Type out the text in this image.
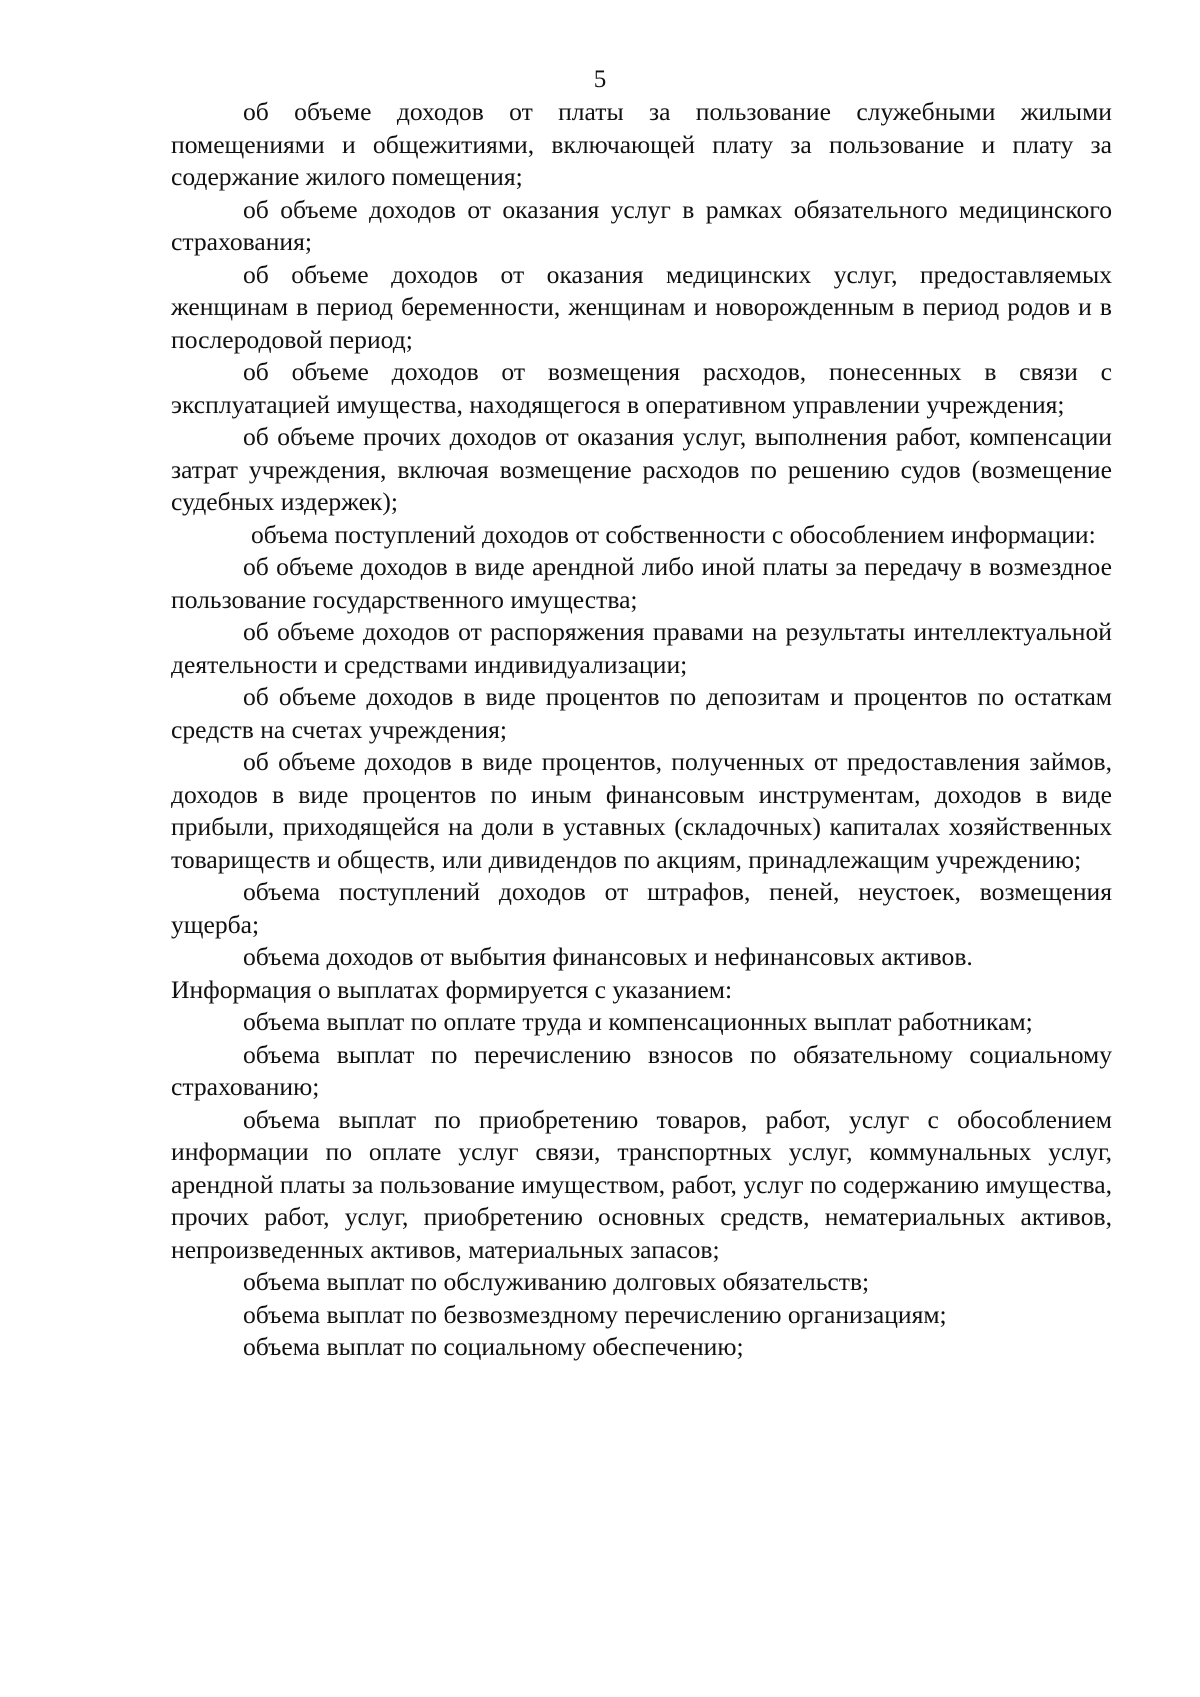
5

об объеме доходов от платы за пользование служебными жилыми помещениями и общежитиями, включающей плату за пользование и плату за содержание жилого помещения;

об объеме доходов от оказания услуг в рамках обязательного медицинского страхования;

об объеме доходов от оказания медицинских услуг, предоставляемых женщинам в период беременности, женщинам и новорожденным в период родов и в послеродовой период;

об объеме доходов от возмещения расходов, понесенных в связи с эксплуатацией имущества, находящегося в оперативном управлении учреждения;

об объеме прочих доходов от оказания услуг, выполнения работ, компенсации затрат учреждения, включая возмещение расходов по решению судов (возмещение судебных издержек);

объема поступлений доходов от собственности с обособлением информации:

об объеме доходов в виде арендной либо иной платы за передачу в возмездное пользование государственного имущества;

об объеме доходов от распоряжения правами на результаты интеллектуальной деятельности и средствами индивидуализации;

об объеме доходов в виде процентов по депозитам и процентов по остаткам средств на счетах учреждения;

об объеме доходов в виде процентов, полученных от предоставления займов, доходов в виде процентов по иным финансовым инструментам, доходов в виде прибыли, приходящейся на доли в уставных (складочных) капиталах хозяйственных товариществ и обществ, или дивидендов по акциям, принадлежащим учреждению;

объема поступлений доходов от штрафов, пеней, неустоек, возмещения ущерба;

объема доходов от выбытия финансовых и нефинансовых активов.

Информация о выплатах формируется с указанием:

объема выплат по оплате труда и компенсационных выплат работникам;

объема выплат по перечислению взносов по обязательному социальному страхованию;

объема выплат по приобретению товаров, работ, услуг с обособлением информации по оплате услуг связи, транспортных услуг, коммунальных услуг, арендной платы за пользование имуществом, работ, услуг по содержанию имущества, прочих работ, услуг, приобретению основных средств, нематериальных активов, непроизведенных активов, материальных запасов;

объема выплат по обслуживанию долговых обязательств;

объема выплат по безвозмездному перечислению организациям;

объема выплат по социальному обеспечению;
